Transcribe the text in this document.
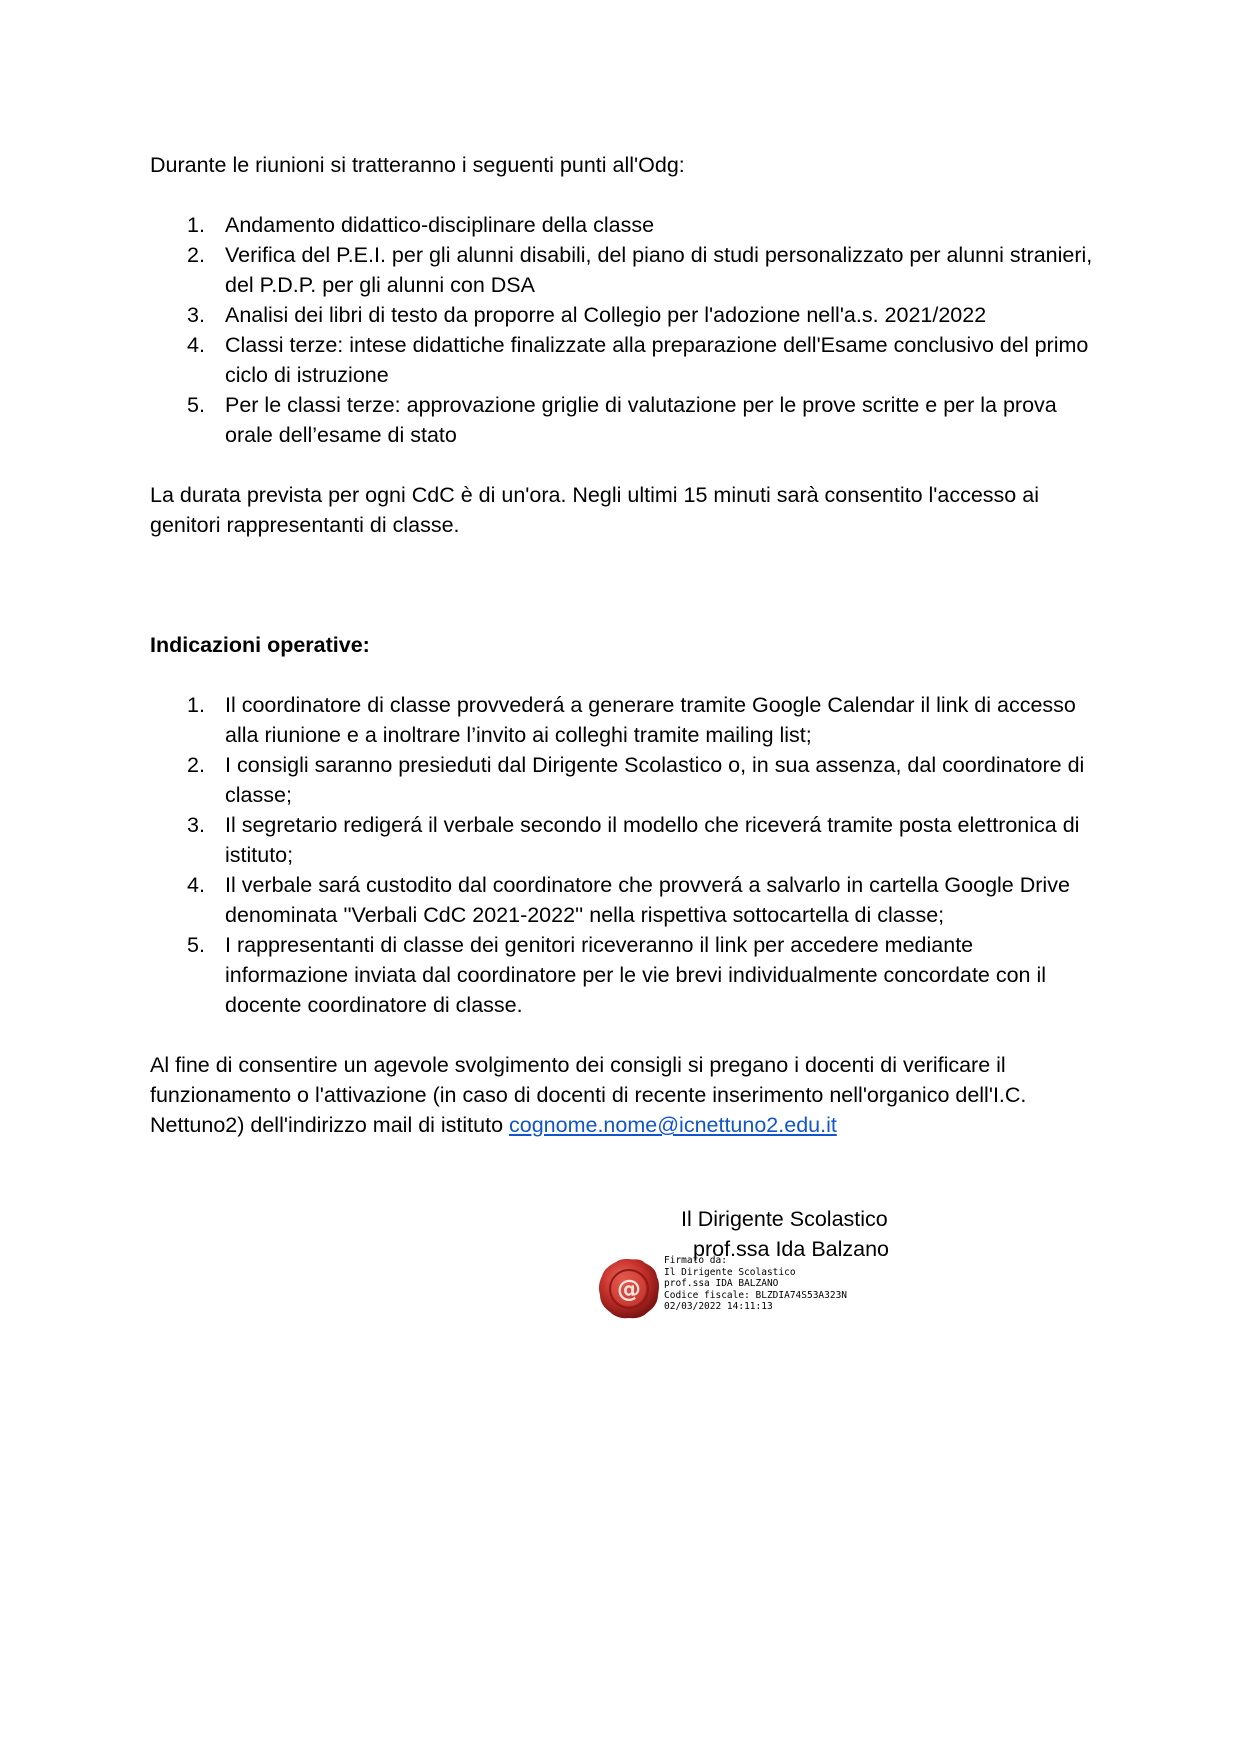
Durante le riunioni si tratteranno i seguenti punti all'Odg:

1. Andamento didattico-disciplinare della classe
2. Verifica del P.E.I. per gli alunni disabili, del piano di studi personalizzato per alunni stranieri, del P.D.P. per gli alunni con DSA
3. Analisi dei libri di testo da proporre al Collegio per l'adozione nell'a.s. 2021/2022
4. Classi terze: intese didattiche finalizzate alla preparazione dell'Esame conclusivo del primo ciclo di istruzione
5. Per le classi terze: approvazione griglie di valutazione per le prove scritte e per la prova orale dell’esame di stato

La durata prevista per ogni CdC è di un'ora. Negli ultimi 15 minuti sarà consentito l'accesso ai genitori rappresentanti di classe.

Indicazioni operative:

1. Il coordinatore di classe provvederá a generare tramite Google Calendar il link di accesso alla riunione e a inoltrare l’invito ai colleghi tramite mailing list;
2. I consigli saranno presieduti dal Dirigente Scolastico o, in sua assenza, dal coordinatore di classe;
3. Il segretario redigerá il verbale secondo il modello che riceverá tramite posta elettronica di istituto;
4. Il verbale sará custodito dal coordinatore che provverá a salvarlo in cartella Google Drive denominata ''Verbali CdC 2021-2022'' nella rispettiva sottocartella di classe;
5. I rappresentanti di classe dei genitori riceveranno il link per accedere mediante informazione inviata dal coordinatore per le vie brevi individualmente concordate con il docente coordinatore di classe.

Al fine di consentire un agevole svolgimento dei consigli si pregano i docenti di verificare il funzionamento o l'attivazione (in caso di docenti di recente inserimento nell'organico dell'I.C. Nettuno2) dell'indirizzo mail di istituto cognome.nome@icnettuno2.edu.it

Il Dirigente Scolastico
prof.ssa Ida Balzano
@
Firmato da:
Il Dirigente Scolastico
prof.ssa IDA BALZANO
Codice fiscale: BLZDIA74S53A323N
02/03/2022 14:11:13
